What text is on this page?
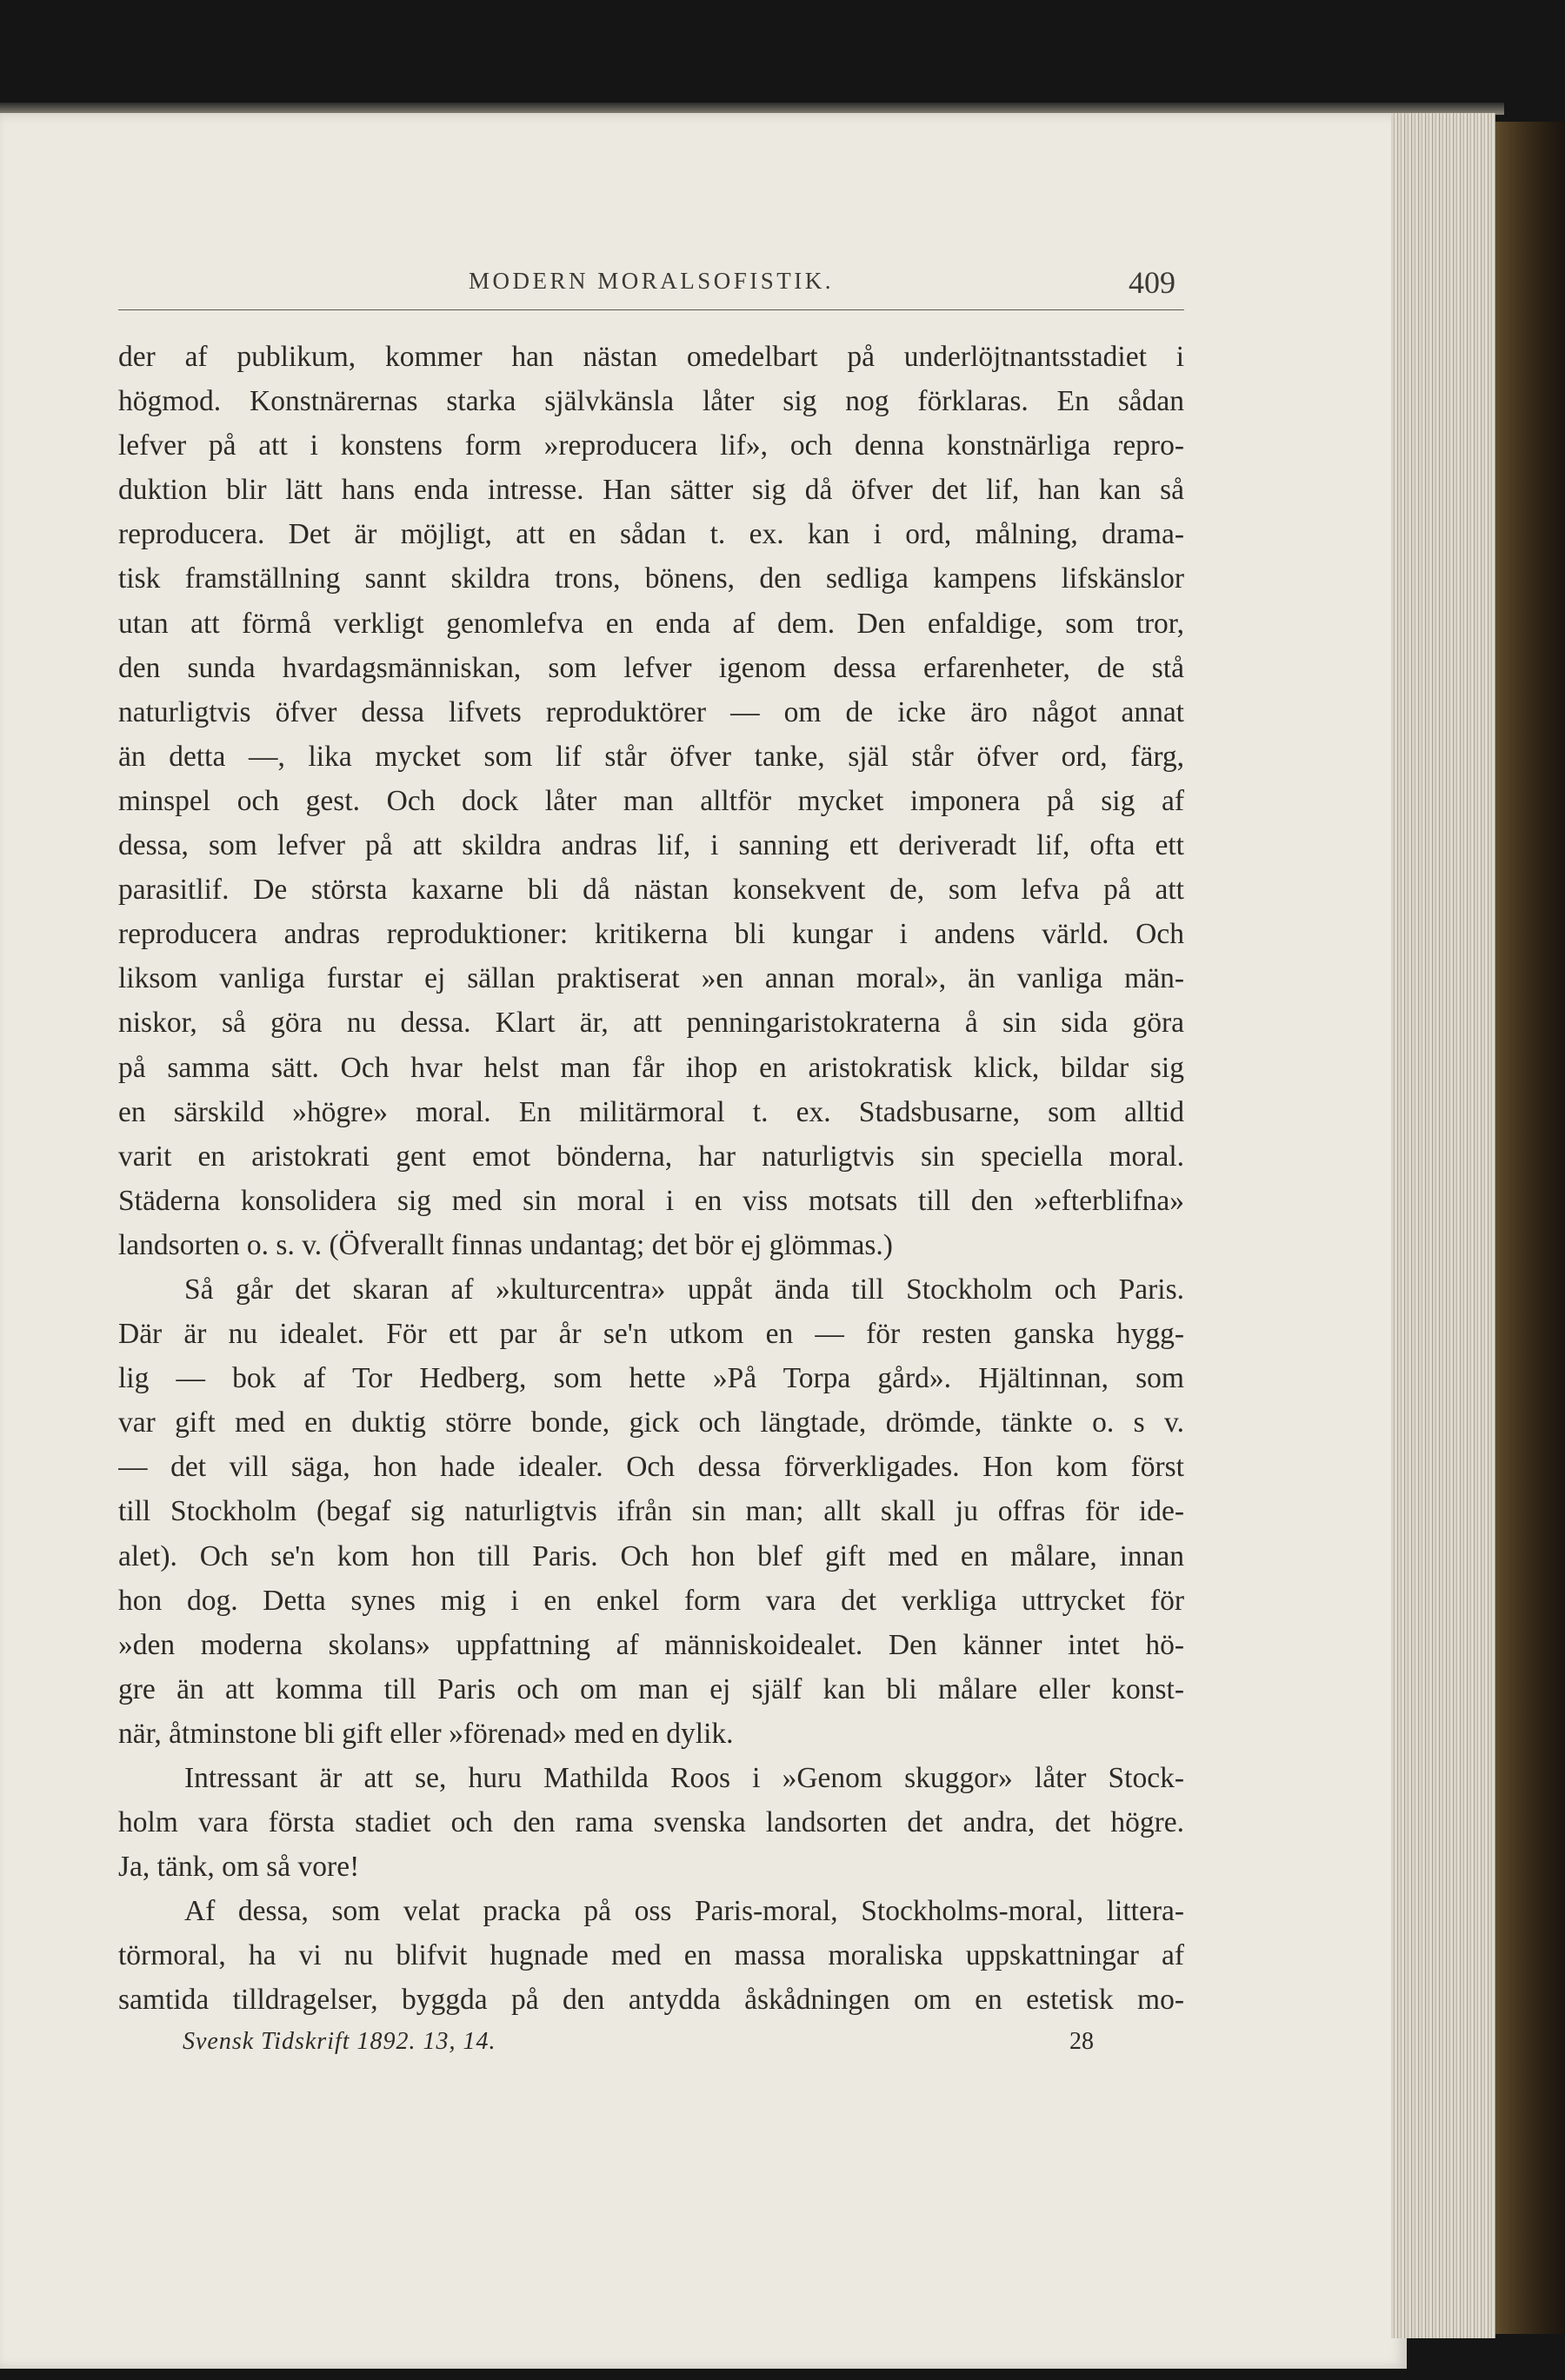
MODERN MORALSOFISTIK.	409
der af publikum, kommer han nästan omedelbart på underlöjtnantsstadiet i
högmod. Konstnärernas starka självkänsla låter sig nog förklaras. En sådan
lefver på att i konstens form »reproducera lif», och denna konstnärliga repro-
duktion blir lätt hans enda intresse. Han sätter sig då öfver det lif, han kan så
reproducera. Det är möjligt, att en sådan t. ex. kan i ord, målning, drama-
tisk framställning sannt skildra trons, bönens, den sedliga kampens lifskänslor
utan att förmå verkligt genomlefva en enda af dem. Den enfaldige, som tror,
den sunda hvardagsmänniskan, som lefver igenom dessa erfarenheter, de stå
naturligtvis öfver dessa lifvets reproduktörer — om de icke äro något annat
än detta —, lika mycket som lif står öfver tanke, själ står öfver ord, färg,
minspel och gest. Och dock låter man alltför mycket imponera på sig af
dessa, som lefver på att skildra andras lif, i sanning ett deriveradt lif, ofta ett
parasitlif. De största kaxarne bli då nästan konsekvent de, som lefva på att
reproducera andras reproduktioner: kritikerna bli kungar i andens värld. Och
liksom vanliga furstar ej sällan praktiserat »en annan moral», än vanliga män-
niskor, så göra nu dessa. Klart är, att penningaristokraterna å sin sida göra
på samma sätt. Och hvar helst man får ihop en aristokratisk klick, bildar sig
en särskild »högre» moral. En militärmoral t. ex. Stadsbusarne, som alltid
varit en aristokrati gent emot bönderna, har naturligtvis sin speciella moral.
Städerna konsolidera sig med sin moral i en viss motsats till den »efterblifna»
landsorten o. s. v. (Öfverallt finnas undantag; det bör ej glömmas.)
Så går det skaran af »kulturcentra» uppåt ända till Stockholm och Paris.
Där är nu idealet. För ett par år se'n utkom en — för resten ganska hygg-
lig — bok af Tor Hedberg, som hette »På Torpa gård». Hjältinnan, som
var gift med en duktig större bonde, gick och längtade, drömde, tänkte o. s v.
— det vill säga, hon hade idealer. Och dessa förverkligades. Hon kom först
till Stockholm (begaf sig naturligtvis ifrån sin man; allt skall ju offras för ide-
alet). Och se'n kom hon till Paris. Och hon blef gift med en målare, innan
hon dog. Detta synes mig i en enkel form vara det verkliga uttrycket för
»den moderna skolans» uppfattning af människoidealet. Den känner intet hö-
gre än att komma till Paris och om man ej själf kan bli målare eller konst-
när, åtminstone bli gift eller »förenad» med en dylik.
Intressant är att se, huru Mathilda Roos i »Genom skuggor» låter Stock-
holm vara första stadiet och den rama svenska landsorten det andra, det högre.
Ja, tänk, om så vore!
Af dessa, som velat pracka på oss Paris-moral, Stockholms-moral, littera-
törmoral, ha vi nu blifvit hugnade med en massa moraliska uppskattningar af
samtida tilldragelser, byggda på den antydda åskådningen om en estetisk mo-
Svensk Tidskrift 1892. 13, 14.	28
